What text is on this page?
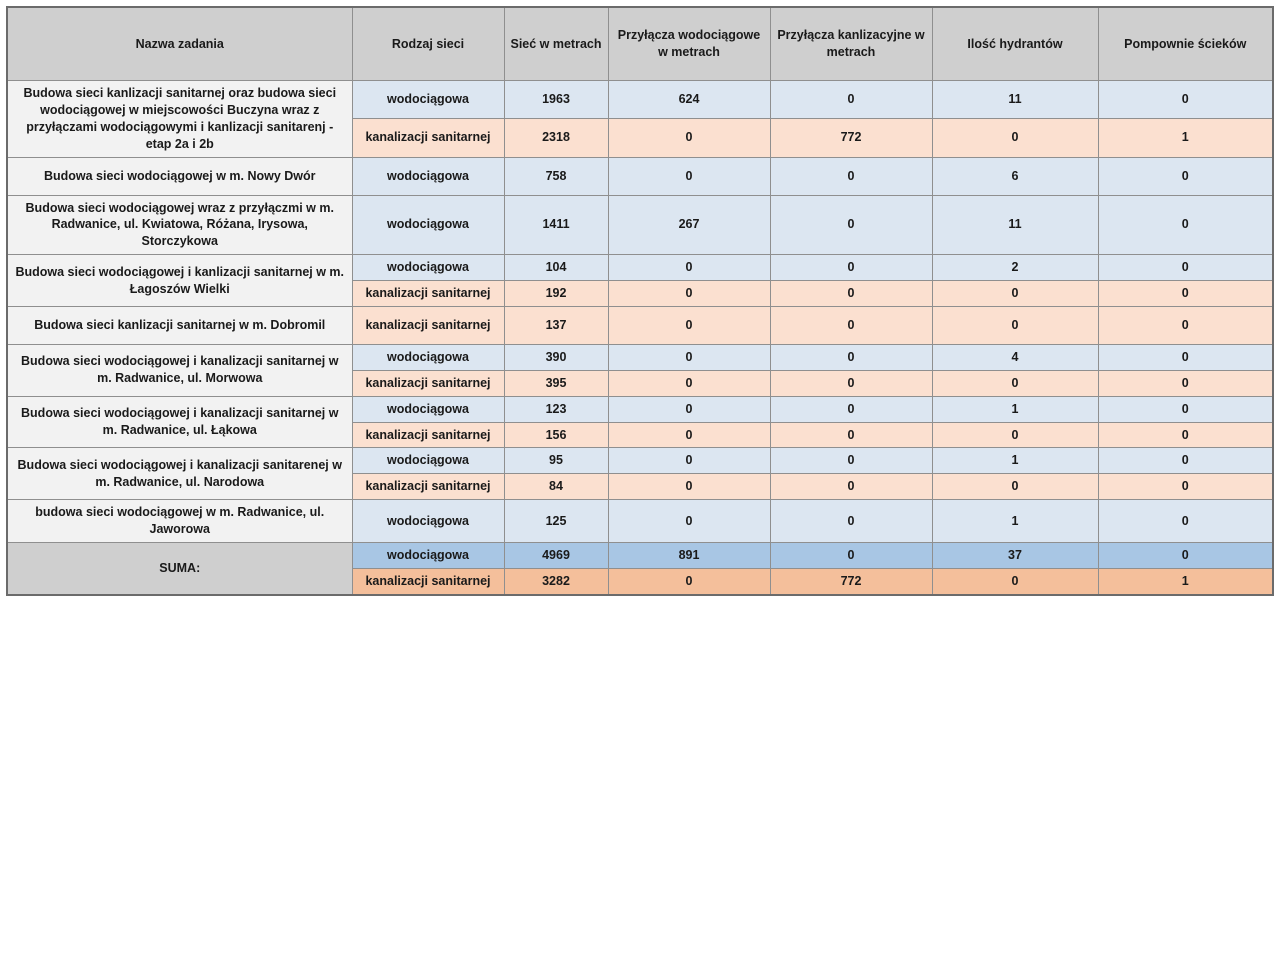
Nazwa zadania	Rodzaj sieci	Sieć w metrach	Przyłącza wodociągowe w metrach	Przyłącza kanlizacyjne w metrach	Ilość hydrantów	Pompownie ścieków
Budowa sieci kanlizacji sanitarnej oraz budowa sieci wodociągowej w miejscowości Buczyna wraz z przyłączami wodociągowymi i kanlizacji sanitarenj - etap 2a i 2b	wodociągowa	1963	624	0	11	0
	kanalizacji sanitarnej	2318	0	772	0	1
Budowa sieci wodociągowej w m. Nowy Dwór	wodociągowa	758	0	0	6	0
Budowa sieci wodociągowej wraz z przyłączmi w m. Radwanice, ul. Kwiatowa, Różana, Irysowa, Storczykowa	wodociągowa	1411	267	0	11	0
Budowa sieci wodociągowej i kanlizacji sanitarnej w m. Łagoszów Wielki	wodociągowa	104	0	0	2	0
	kanalizacji sanitarnej	192	0	0	0	0
Budowa sieci kanlizacji sanitarnej w m. Dobromil	kanalizacji sanitarnej	137	0	0	0	0
Budowa sieci wodociągowej i kanalizacji sanitarnej w m. Radwanice, ul. Morwowa	wodociągowa	390	0	0	4	0
	kanalizacji sanitarnej	395	0	0	0	0
Budowa sieci wodociągowej i kanalizacji sanitarnej w m. Radwanice, ul. Łąkowa	wodociągowa	123	0	0	1	0
	kanalizacji sanitarnej	156	0	0	0	0
Budowa sieci wodociągowej i kanalizacji sanitarenej w m. Radwanice, ul. Narodowa	wodociągowa	95	0	0	1	0
	kanalizacji sanitarnej	84	0	0	0	0
budowa sieci wodociągowej w m. Radwanice, ul. Jaworowa	wodociągowa	125	0	0	1	0
SUMA:	wodociągowa	4969	891	0	37	0
	kanalizacji sanitarnej	3282	0	772	0	1
